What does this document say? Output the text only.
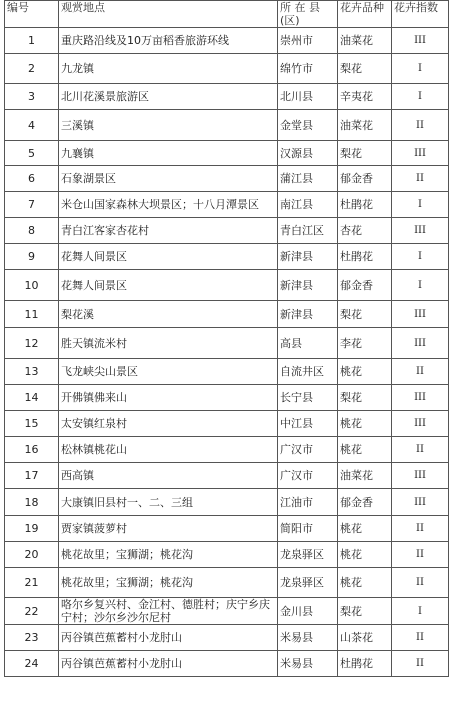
编号	观赏地点	所 在 县(区)	花卉品种	花卉指数
1	重庆路沿线及10万亩稻香旅游环线	崇州市	油菜花	III
2	九龙镇	绵竹市	梨花	I
3	北川花溪景旅游区	北川县	辛夷花	I
4	三溪镇	金堂县	油菜花	II
5	九襄镇	汉源县	梨花	III
6	石象湖景区	蒲江县	郁金香	II
7	米仓山国家森林大坝景区；十八月潭景区	南江县	杜鹃花	I
8	青白江客家杏花村	青白江区	杏花	III
9	花舞人间景区	新津县	杜鹃花	I
10	花舞人间景区	新津县	郁金香	I
11	梨花溪	新津县	梨花	III
12	胜天镇流米村	高县	李花	III
13	飞龙峡尖山景区	自流井区	桃花	II
14	开佛镇佛来山	长宁县	梨花	III
15	太安镇红泉村	中江县	桃花	III
16	松林镇桃花山	广汉市	桃花	II
17	西高镇	广汉市	油菜花	III
18	大康镇旧县村一、二、三组	江油市	郁金香	III
19	贾家镇菠萝村	简阳市	桃花	II
20	桃花故里；宝狮湖；桃花沟	龙泉驿区	桃花	II
21	桃花故里；宝狮湖；桃花沟	龙泉驿区	桃花	II
22	咯尔乡复兴村、金江村、德胜村；庆宁乡庆宁村；沙尔乡沙尔尼村	金川县	梨花	I
23	丙谷镇芭蕉蓄村小龙肘山	米易县	山茶花	II
24	丙谷镇芭蕉蓄村小龙肘山	米易县	杜鹃花	II
